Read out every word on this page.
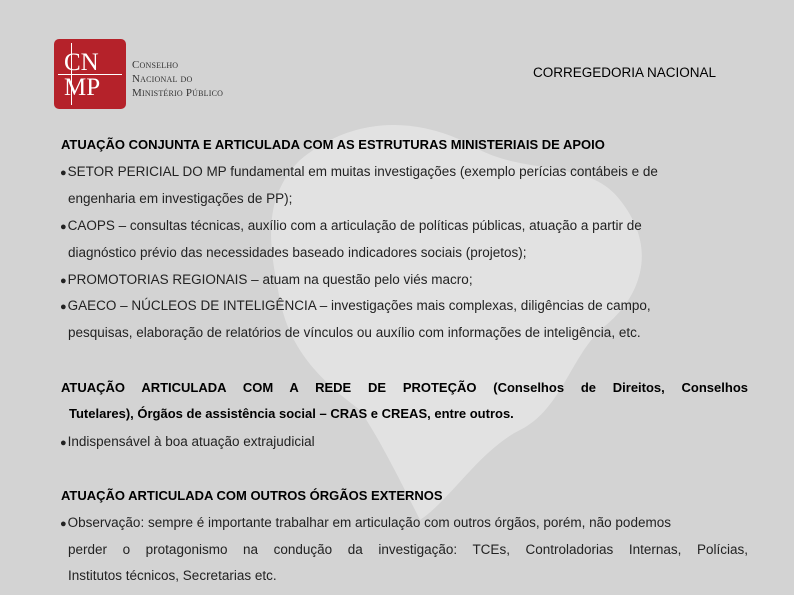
CN
MP
Conselho
Nacional do
Ministério Público
CORREGEDORIA NACIONAL
ATUAÇÃO CONJUNTA E ARTICULADA COM AS ESTRUTURAS MINISTERIAIS DE APOIO
●SETOR PERICIAL DO MP fundamental em muitas investigações (exemplo perícias contábeis e de
engenharia em investigações de PP);
●CAOPS – consultas técnicas, auxílio com a articulação de políticas públicas, atuação a partir de
diagnóstico prévio das necessidades baseado indicadores sociais (projetos);
●PROMOTORIAS REGIONAIS – atuam na questão pelo viés macro;
●GAECO – NÚCLEOS DE INTELIGÊNCIA – investigações mais complexas, diligências de campo,
pesquisas, elaboração de relatórios de vínculos ou auxílio com informações de inteligência, etc.
ATUAÇÃO ARTICULADA COM A REDE DE PROTEÇÃO (Conselhos de Direitos, Conselhos
Tutelares), Órgãos de assistência social – CRAS e CREAS, entre outros.
●Indispensável à boa atuação extrajudicial
ATUAÇÃO ARTICULADA COM OUTROS ÓRGÃOS EXTERNOS
●Observação: sempre é importante trabalhar em articulação com outros órgãos, porém, não podemos
perder o protagonismo na condução da investigação: TCEs, Controladorias Internas, Polícias,
Institutos técnicos, Secretarias etc.
